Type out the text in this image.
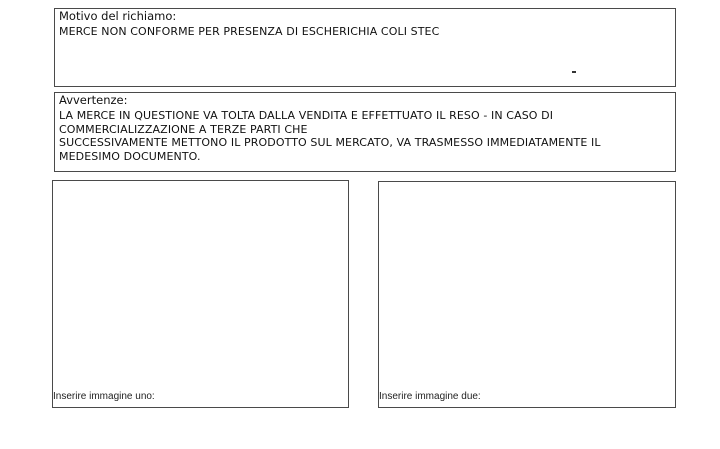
Motivo del richiamo:
MERCE NON CONFORME PER PRESENZA DI ESCHERICHIA COLI STEC
Avvertenze:
LA MERCE IN QUESTIONE VA TOLTA DALLA VENDITA E EFFETTUATO IL RESO - IN CASO DI
COMMERCIALIZZAZIONE A TERZE PARTI CHE
SUCCESSIVAMENTE METTONO IL PRODOTTO SUL MERCATO, VA TRASMESSO IMMEDIATAMENTE IL
MEDESIMO DOCUMENTO.
Inserire immagine uno:	Inserire immagine due:
